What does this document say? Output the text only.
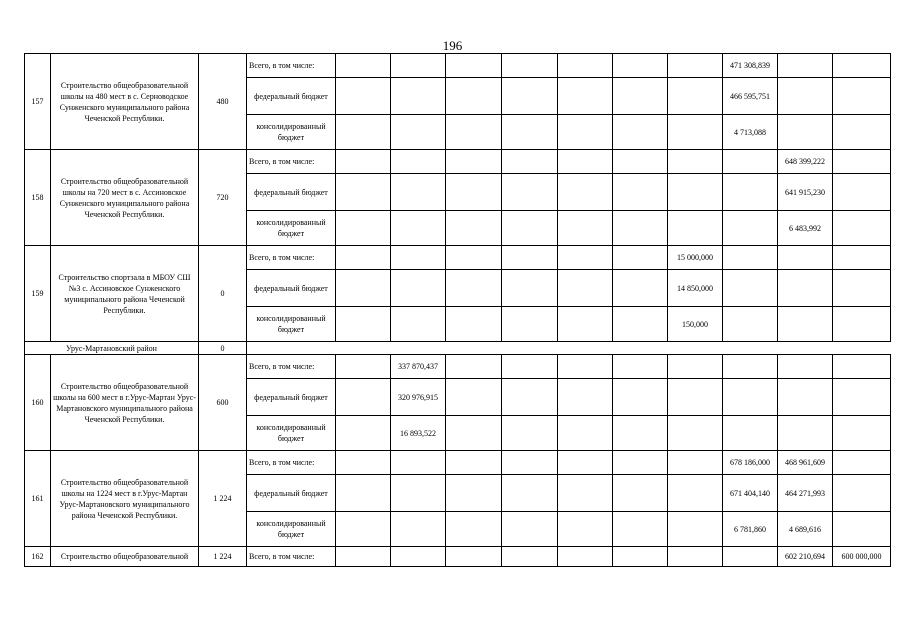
196
157	Строительство общеобразовательной школы на 480 мест в с. Серноводское Сунженского муниципального района Чеченской Республики.	480	Всего, в том числе:								471 308,839		
			федеральный бюджет								466 595,751		
			консолидированный бюджет								4 713,088		
158	Строительство общеобразовательной школы на 720 мест в с. Ассиновское Сунженского муниципального района Чеченской Республики.	720	Всего, в том числе:									648 399,222	
			федеральный бюджет									641 915,230	
			консолидированный бюджет									6 483,992	
159	Строительство спортзала в МБОУ СШ №3 с. Ассиновское Сунженского муниципального района Чеченской Республики.	0	Всего, в том числе:							15 000,000			
			федеральный бюджет							14 850,000			
			консолидированный бюджет							150,000			
Урус-Мартановский район		0											
160	Строительство общеобразовательной школы на 600 мест в г.Урус-Мартан Урус-Мартановского муниципального района Чеченской Республики.	600	Всего, в том числе:		337 870,437								
			федеральный бюджет		320 976,915								
			консолидированный бюджет		16 893,522								
161	Строительство общеобразовательной школы на 1224 мест в г.Урус-Мартан Урус-Мартановского муниципального района Чеченской Республики.	1 224	Всего, в том числе:								678 186,000	468 961,609	
			федеральный бюджет								671 404,140	464 271,993	
			консолидированный бюджет								6 781,860	4 689,616	
162	Строительство общеобразовательной	1 224	Всего, в том числе:									602 210,694	600 000,000
